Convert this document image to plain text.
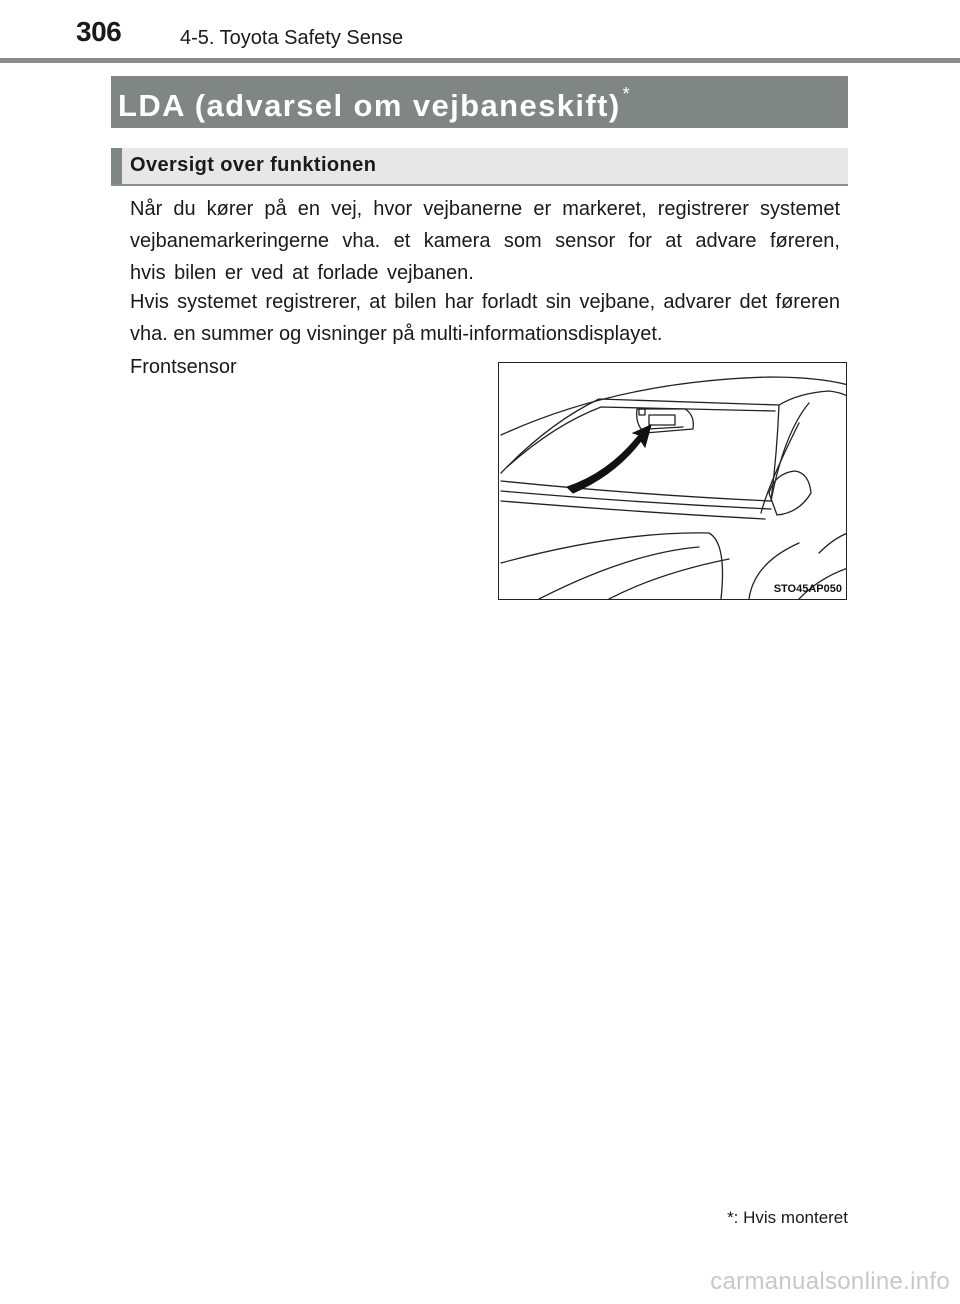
306	4-5. Toyota Safety Sense
LDA (advarsel om vejbaneskift) *
Oversigt over funktionen

Når du kører på en vej, hvor vejbanerne er markeret, registrerer systemet vejbanemarkeringerne vha. et kamera som sensor for at advare føreren, hvis bilen er ved at forlade vejbanen.

Hvis systemet registrerer, at bilen har forladt sin vejbane, advarer det føreren vha. en summer og visninger på multi-informationsdisplayet.

Frontsensor
STO45AP050
*: Hvis monteret
carmanualsonline.info
